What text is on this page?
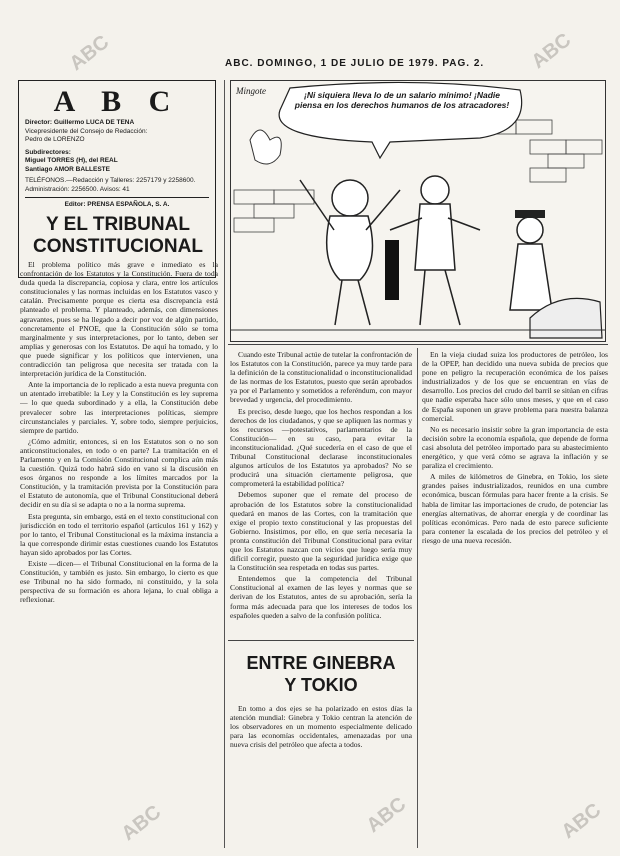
ABC. DOMINGO, 1 DE JULIO DE 1979. PAG. 2.
ABC	ABC
ABC	ABC	ABC
A B C
Director: Guillermo LUCA DE TENA
Vicepresidente del Consejo de Redacción:
Pedro de LORENZO
Subdirectores:
Miguel TORRES (H), del REAL
Santiago AMOR BALLESTE
TELÉFONOS.—Redacción y Talleres: 2257179 y 2258600. Administración: 2256500. Avisos: 41
Editor: PRENSA ESPAÑOLA, S. A.
Y EL TRIBUNAL
CONSTITUCIONAL

El problema político más grave e inmediato es la confrontación de los Estatutos y la Constitución. Fuera de toda duda queda la discrepancia, copiosa y clara, entre los artículos constitucionales y las normas incluidas en los Estatutos vasco y catalán. Precisamente porque es cierta esa discrepancia está planteado el problema. Y planteado, además, con dimensiones agravantes, pues se ha llegado a decir por voz de algún partido, concretamente el PNOE, que la Constitución sólo se toma marginalmente y sus interpretaciones, por lo tanto, deben ser amplias y generosas con los Estatutos. De aquí ha tomado, y lo que puede significar y los políticos que intervienen, una contradicción tan peligrosa que necesita ser tratada con la interpretación jurídica de la Constitución.

Ante la importancia de lo replicado a esta nueva pregunta con un atentado irrebatible: la Ley y la Constitución es ley suprema— lo que queda subordinado y a ella, la Constitución debe prevalecer sobre las interpretaciones políticas, siempre circunstanciales y parciales. Y, sobre todo, siempre perjuicios, siempre de partido.

¿Cómo admitir, entonces, si en los Estatutos son o no son anticonstitucionales, en todo o en parte? La tramitación en el Parlamento y en la Comisión Constitucional complica aún más la cuestión. Quizá todo habrá sido en vano si la discusión en esos órganos no responde a los límites marcados por la Constitución, y la tramitación prevista por la Constitución para el Estatuto de autonomía, que el Tribunal Constitucional deberá decidir en su día si se adapta o no a la norma suprema.

Esta pregunta, sin embargo, está en el texto constitucional con jurisdicción en todo el territorio español (artículos 161 y 162) y por lo tanto, el Tribunal Constitucional es la máxima instancia a la que corresponde dirimir estas cuestiones cuando los Estatutos hayan sido aprobados por las Cortes.

Existe —dicen— el Tribunal Constitucional en la forma de la Constitución, y también es justo. Sin embargo, lo cierto es que ese Tribunal no ha sido formado, ni constituido, y la sola perspectiva de su formación es ahora lejana, lo cual obliga a reflexionar.

¡Ni siquiera lleva lo de un salario mínimo! ¡Nadie piensa en los derechos humanos de los atracadores!
Mingote

Cuando este Tribunal actúe de tutelar la confrontación de los Estatutos con la Constitución, parece ya muy tarde para la definición de la constitucionalidad o inconstitucionalidad de las normas de los Estatutos, puesto que serán aprobados ya por el Parlamento y sometidos a referéndum, con mayor brevedad y urgencia, del procedimiento.

Es preciso, desde luego, que los hechos respondan a los derechos de los ciudadanos, y que se apliquen las normas y los recursos —potestativos, parlamentarios de la Constitución— en su caso, para evitar la inconstitucionalidad. ¿Qué sucedería en el caso de que el Tribunal Constitucional declarase inconstitucionales algunos artículos de los Estatutos ya aprobados? No se producirá una situación ciertamente peligrosa, que comprometerá la estabilidad política?

Debemos suponer que el remate del proceso de aprobación de los Estatutos sobre la constitucionalidad quedará en manos de las Cortes, con la tramitación que exige el propio texto constitucional y las propuestas del Gobierno. Insistimos, por ello, en que sería necesaria la pronta constitución del Tribunal Constitucional para evitar que los Estatutos nazcan con vicios que luego sería muy difícil corregir, puesto que la seguridad jurídica exige que la Constitución sea respetada en todas sus partes.

Entendemos que la competencia del Tribunal Constitucional al examen de las leyes y normas que se derivan de los Estatutos, antes de su aprobación, sería la forma más adecuada para que los intereses de todos los españoles queden a salvo de la confusión política.

ENTRE GINEBRA
Y TOKIO

En tomo a dos ejes se ha polarizado en estos días la atención mundial: Ginebra y Tokio centran la atención de los observadores en un momento especialmente delicado para las economías occidentales, amenazadas por una nueva crisis del petróleo que afecta a todos.

En la vieja ciudad suiza los productores de petróleo, los de la OPEP, han decidido una nueva subida de precios que pone en peligro la recuperación económica de los países industrializados y de los que se encuentran en vías de desarrollo. Los precios del crudo del barril se sitúan en cifras que nadie esperaba hace sólo unos meses, y que en el caso de España suponen un grave problema para nuestra balanza comercial.

No es necesario insistir sobre la gran importancia de esta decisión sobre la economía española, que depende de forma casi absoluta del petróleo importado para su abastecimiento energético, y que verá cómo se agrava la inflación y se paraliza el crecimiento.

A miles de kilómetros de Ginebra, en Tokio, los siete grandes países industrializados, reunidos en una cumbre económica, buscan fórmulas para hacer frente a la crisis. Se habla de limitar las importaciones de crudo, de potenciar las energías alternativas, de ahorrar energía y de coordinar las políticas económicas. Pero nada de esto parece suficiente para contener la escalada de los precios del petróleo y el riesgo de una nueva recesión.
